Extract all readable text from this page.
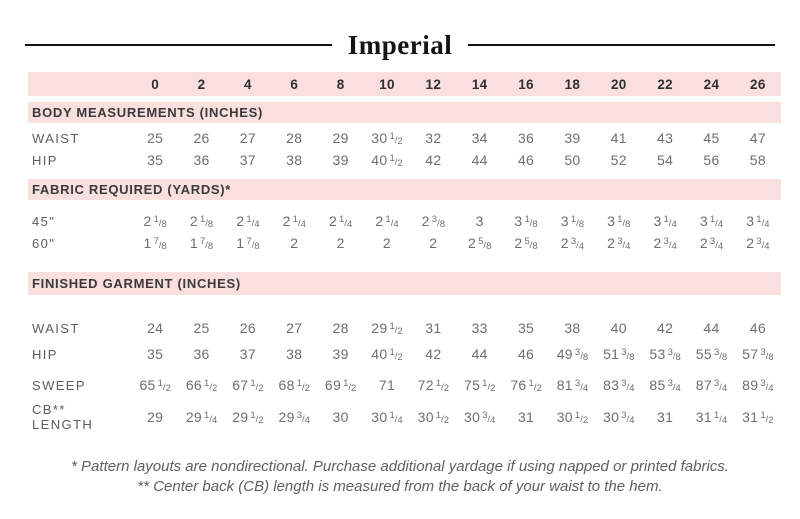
Imperial
0	2	4	6	8	10	12	14	16	18	20	22	24	26
BODY MEASUREMENTS (INCHES)
WAIST	25	26	27	28	29	30 1/2	32	34	36	39	41	43	45	47
HIP	35	36	37	38	39	40 1/2	42	44	46	50	52	54	56	58
FABRIC REQUIRED (YARDS)*
45"	2 1/8	2 1/8	2 1/4	2 1/4	2 1/4	2 1/4	2 3/8	3	3 1/8	3 1/8	3 1/8	3 1/4	3 1/4	3 1/4
60"	1 7/8	1 7/8	1 7/8	2	2	2	2	2 5/8	2 5/8	2 3/4	2 3/4	2 3/4	2 3/4	2 3/4
FINISHED GARMENT (INCHES)
WAIST	24	25	26	27	28	29 1/2	31	33	35	38	40	42	44	46
HIP	35	36	37	38	39	40 1/2	42	44	46	49 3/8	51 3/8	53 3/8	55 3/8	57 3/8
SWEEP	65 1/2	66 1/2	67 1/2	68 1/2	69 1/2	71	72 1/2	75 1/2	76 1/2	81 3/4	83 3/4	85 3/4	87 3/4	89 3/4
CB**
LENGTH	29	29 1/4	29 1/2	29 3/4	30	30 1/4	30 1/2	30 3/4	31	30 1/2	30 3/4	31	31 1/4	31 1/2

* Pattern layouts are nondirectional. Purchase additional yardage if using napped or printed fabrics.

** Center back (CB) length is measured from the back of your waist to the hem.
